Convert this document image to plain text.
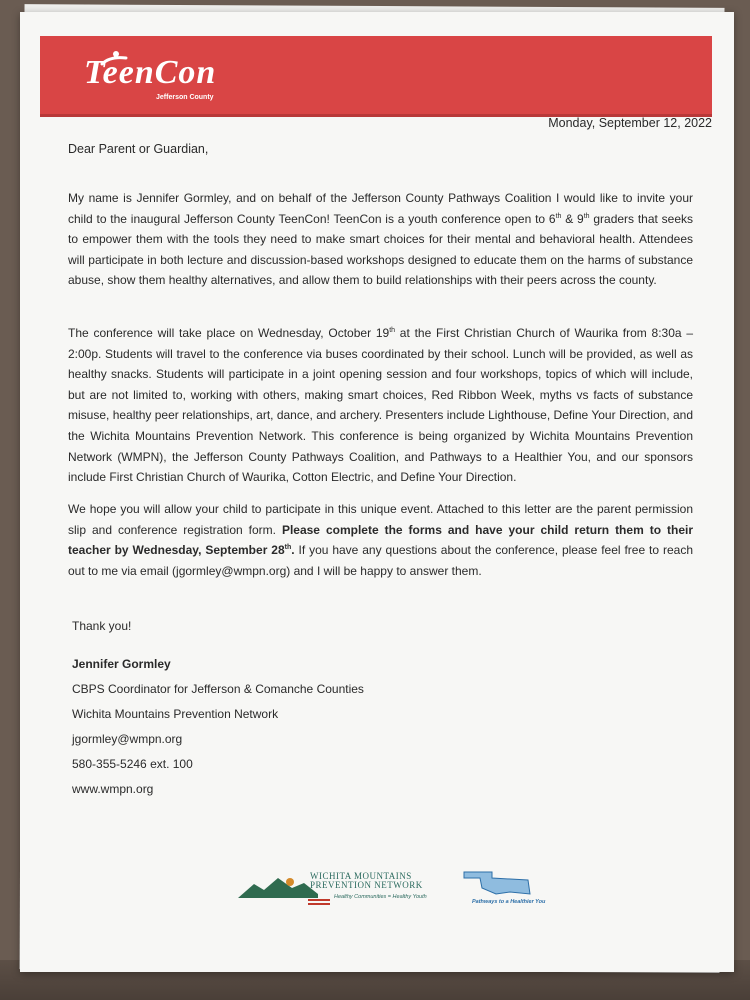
TeenCon
Jefferson County
Monday, September 12, 2022
Dear Parent or Guardian,
My name is Jennifer Gormley, and on behalf of the Jefferson County Pathways Coalition I would like to invite your child to the inaugural Jefferson County TeenCon! TeenCon is a youth conference open to 6th & 9th graders that seeks to empower them with the tools they need to make smart choices for their mental and behavioral health. Attendees will participate in both lecture and discussion-based workshops designed to educate them on the harms of substance abuse, show them healthy alternatives, and allow them to build relationships with their peers across the county.
The conference will take place on Wednesday, October 19th at the First Christian Church of Waurika from 8:30a – 2:00p. Students will travel to the conference via buses coordinated by their school. Lunch will be provided, as well as healthy snacks. Students will participate in a joint opening session and four workshops, topics of which will include, but are not limited to, working with others, making smart choices, Red Ribbon Week, myths vs facts of substance misuse, healthy peer relationships, art, dance, and archery. Presenters include Lighthouse, Define Your Direction, and the Wichita Mountains Prevention Network. This conference is being organized by Wichita Mountains Prevention Network (WMPN), the Jefferson County Pathways Coalition, and Pathways to a Healthier You, and our sponsors include First Christian Church of Waurika, Cotton Electric, and Define Your Direction.
We hope you will allow your child to participate in this unique event. Attached to this letter are the parent permission slip and conference registration form. Please complete the forms and have your child return them to their teacher by Wednesday, September 28th. If you have any questions about the conference, please feel free to reach out to me via email (jgormley@wmpn.org) and I will be happy to answer them.
Thank you!
Jennifer Gormley
CBPS Coordinator for Jefferson & Comanche Counties
Wichita Mountains Prevention Network
jgormley@wmpn.org
580-355-5246 ext. 100
www.wmpn.org
WICHITA MOUNTAINS
PREVENTION NETWORK
Healthy Communities = Healthy Youth
Pathways to a Healthier You
